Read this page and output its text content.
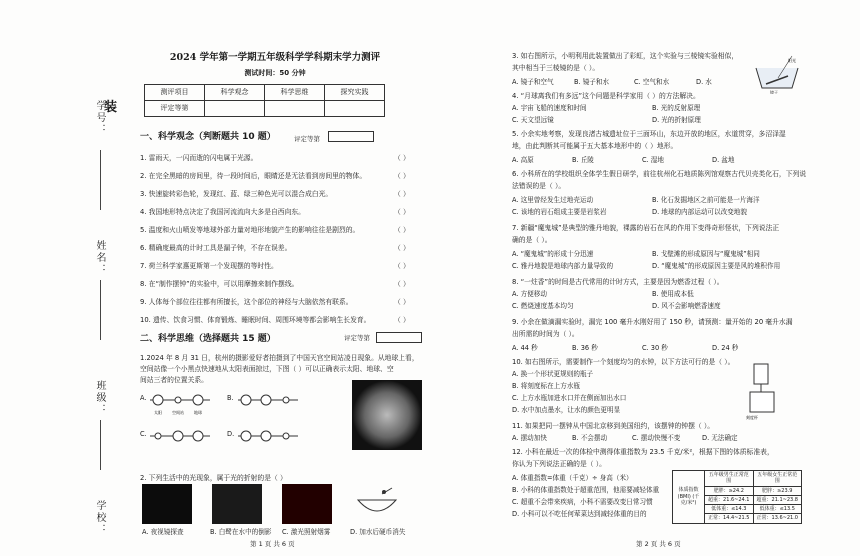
学号：
姓名：
班级：
学校：
装
2024 学年第一学期五年级科学学科期末学力测评
测试时间：50 分钟
测评项目	科学观念	科学思维	探究实践
评定等第			
一、科学观念（判断题共 10 题）	评定等第
1. 雷雨天，一闪而逝的闪电属于光源。	（ ）
2. 在完全黑暗的房间里，待一段时间后，眼睛还是无法看到房间里的物体。	（ ）
3. 快速旋转彩色轮，发现红、蓝、绿三种色光可以混合成白光。	（ ）
4. 我国地形特点决定了我国河流流向大多是自西向东。	（ ）
5. 温度和火山喷发等地球外部力量对地形地貌产生的影响往往是剧烈的。	（ ）
6. 精确度最高的计时工具是漏子钟，不存在误差。	（ ）
7. 荷兰科学家惠更斯第一个发现摆的等时性。	（ ）
8. 在“制作摆钟”的实验中，可以用摩擦来制作摆线。	（ ）
9. 人体每个部位往往都有所擅长，这个部位的神经与大脑依然有联系。	（ ）
10. 遗传、饮食习惯、体育锻炼、睡眠时间、周围环境等都会影响生长发育。	（ ）
二、科学思维（选择题共 15 题）	评定等第
1.2024 年 8 月 31 日，杭州的摄影爱好者拍摄到了中国天宫空间站凌日现象。从地球上看，
空间站像一个小黑点快速地从太阳表面掠过，下图（ ）可以正确表示太阳、地球、空
间站三者的位置关系。
A.	B.
C.	D.
太阳	空间站	地球
2. 下列生活中的光现象，属于光的折射的是（ ）
A. 夜视镜探查	B. 白鹭在水中的倒影 C. 激光照射烟雾	D. 加水后硬币消失
第 1 页 共 6 页
3. 如右图所示，小明利用此装置做出了彩虹，这个实验与三棱镜实验相似，
其中相当于三棱镜的是（ ）。
A. 镜子和空气	B. 镜子和水	C. 空气和水	D. 水
阳光
镜子
4. “月球离我们有多远”这个问题是科学家用（ ）的方法解决。
A. 宇宙飞船的速度和时间	B. 光的反射原理
C. 天文望远镜	D. 光的折射原理
5. 小余实地考察，发现良渚古城遗址位于三面环山，东边开放的地区，水道贯穿，多沼泽湿
地，由此判断其可能属于五大基本地形中的（ ）地形。
A. 高原	B. 丘陵	C. 湿地	D. 盆地
6. 小科所在的学校组织全体学生假日研学，前往杭州化石地质陈列馆观察古代贝壳类化石，下列说
法错误的是（ ）。
A. 这里曾经发生过地壳运动	B. 化石发掘地区之前可能是一片海洋
C. 该地的岩石组成主要是岩浆岩	D. 地球的内部运动可以改变地貌
7. 新疆“魔鬼城”是典型的雅丹地貌，裸露的岩石在风的作用下变得奇形怪状，下列说法正
确的是（ ）。
A. “魔鬼城”的形成十分迅速	B. 戈壁滩的形成原因与“魔鬼城”相同
C. 雅丹地貌是地球内部力量导致的	D. “魔鬼城”的形成原因主要是风的堆积作用
8. “一炷香”的时间是古代常用的计时方式，主要是因为燃香过程（ ）。
A. 方便移动	B. 使用成本低
C. 燃烧速度基本均匀	D. 风不会影响燃香速度
9. 小余在做滴漏实验时，漏完 100 毫升水刚好用了 150 秒，请预测：量开始的 20 毫升水漏
出所需的时间为（ ）。
A. 44 秒	B. 36 秒	C. 30 秒	D. 24 秒
10. 如右图所示，需要制作一个刻度均匀的水钟，以下方法可行的是（ ）。
A. 换一个形状更规则的瓶子
B. 将刻度标在上方水瓶
C. 上方水瓶加进水口并在侧面加出水口
D. 水中加点墨水，让水的颜色更明显
刻度杯
11. 如果把同一摆钟从中国北京移到美国纽约，该摆钟的钟摆（ ）。
A. 摆动加快	B. 不会摆动	C. 摆动快慢不变	D. 无法确定
12. 小科在最近一次的体检中测得体重指数为 23.5 千克/米²，根据下图的体质标准表，
你认为下列说法正确的是（ ）。
A. 体重指数=体重（千克）÷ 身高（米）
B. 小科的体重指数处于超重范围，他需要减轻体重
C. 超重不会带来疾病，小科不需要改变日常习惯
D. 小科可以不吃任何荤菜达到减轻体重的目的
体质指数 (BMI) (千克/米²)	五年级男生正常范围	五年级女生正常范围
	肥胖：≥24.2	肥胖：≥23.9
	超重：21.6~24.1	超重：21.1~23.8
	低体重：≤14.3	低体重：≤13.5
	正常：14.4~21.5	正常：13.6~21.0
第 2 页 共 6 页
